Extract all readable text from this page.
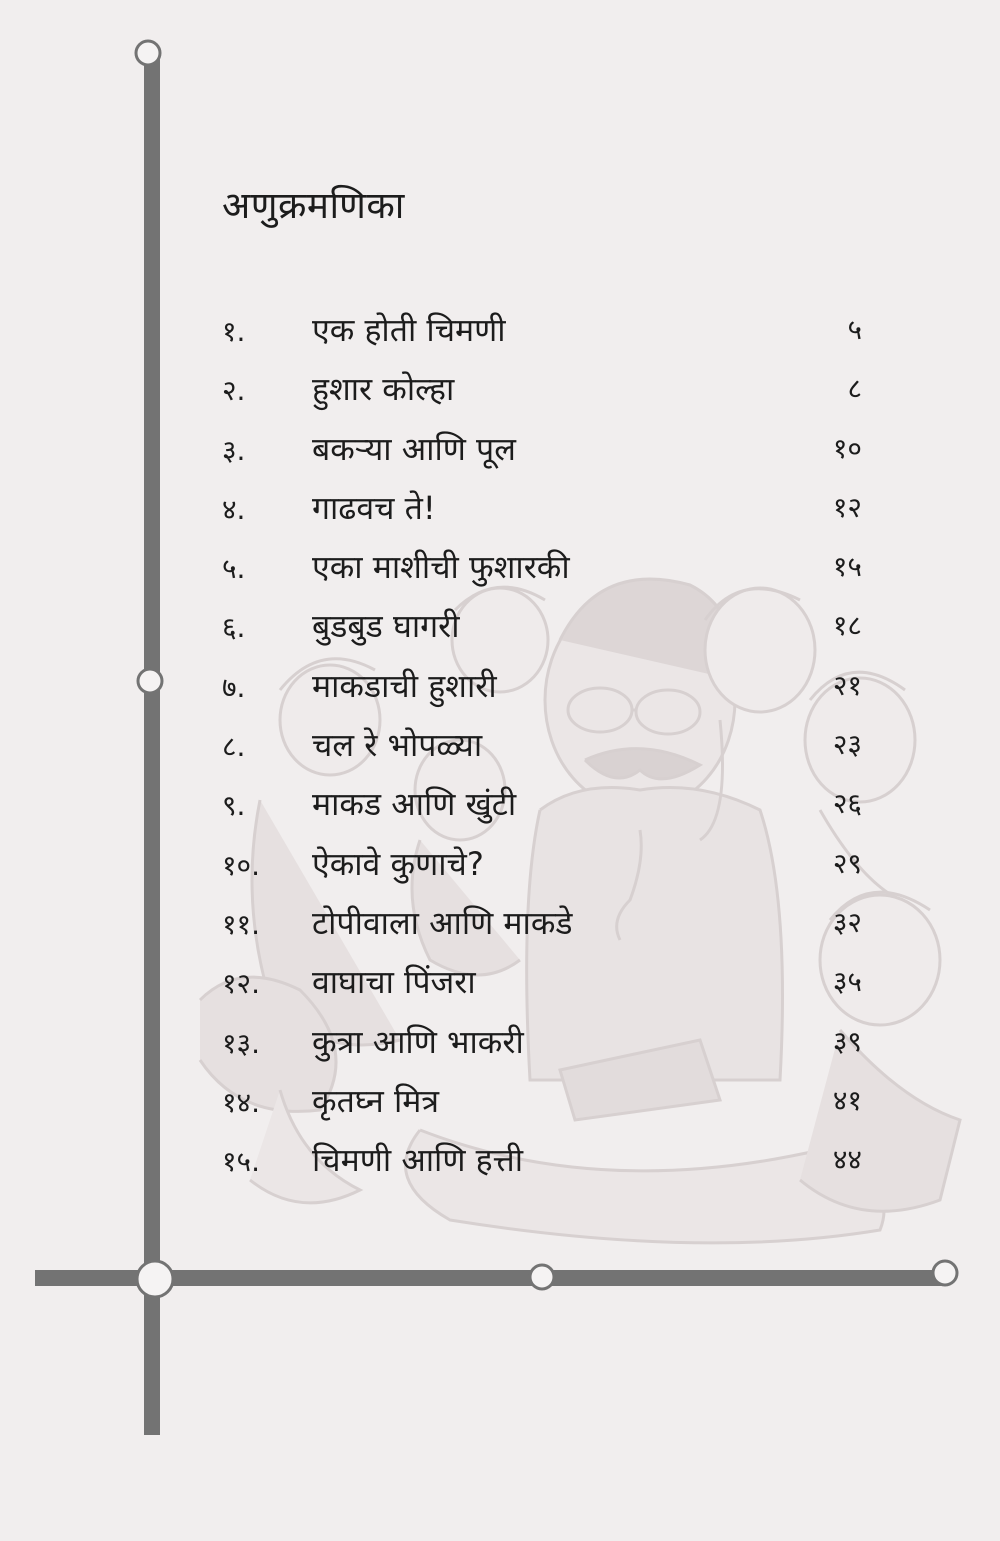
अणुक्रमणिका
१.	एक होती चिमणी	५
२.	हुशार कोल्हा	८
३.	बकऱ्या आणि पूल	१०
४.	गाढवच ते!	१२
५.	एका माशीची फुशारकी	१५
६.	बुडबुड घागरी	१८
७.	माकडाची हुशारी	२१
८.	चल रे भोपळ्या	२३
९.	माकड आणि खुंटी	२६
१०.	ऐकावे कुणाचे?	२९
११.	टोपीवाला आणि माकडे	३२
१२.	वाघाचा पिंजरा	३५
१३.	कुत्रा आणि भाकरी	३९
१४.	कृतघ्न मित्र	४१
१५.	चिमणी आणि हत्ती	४४
